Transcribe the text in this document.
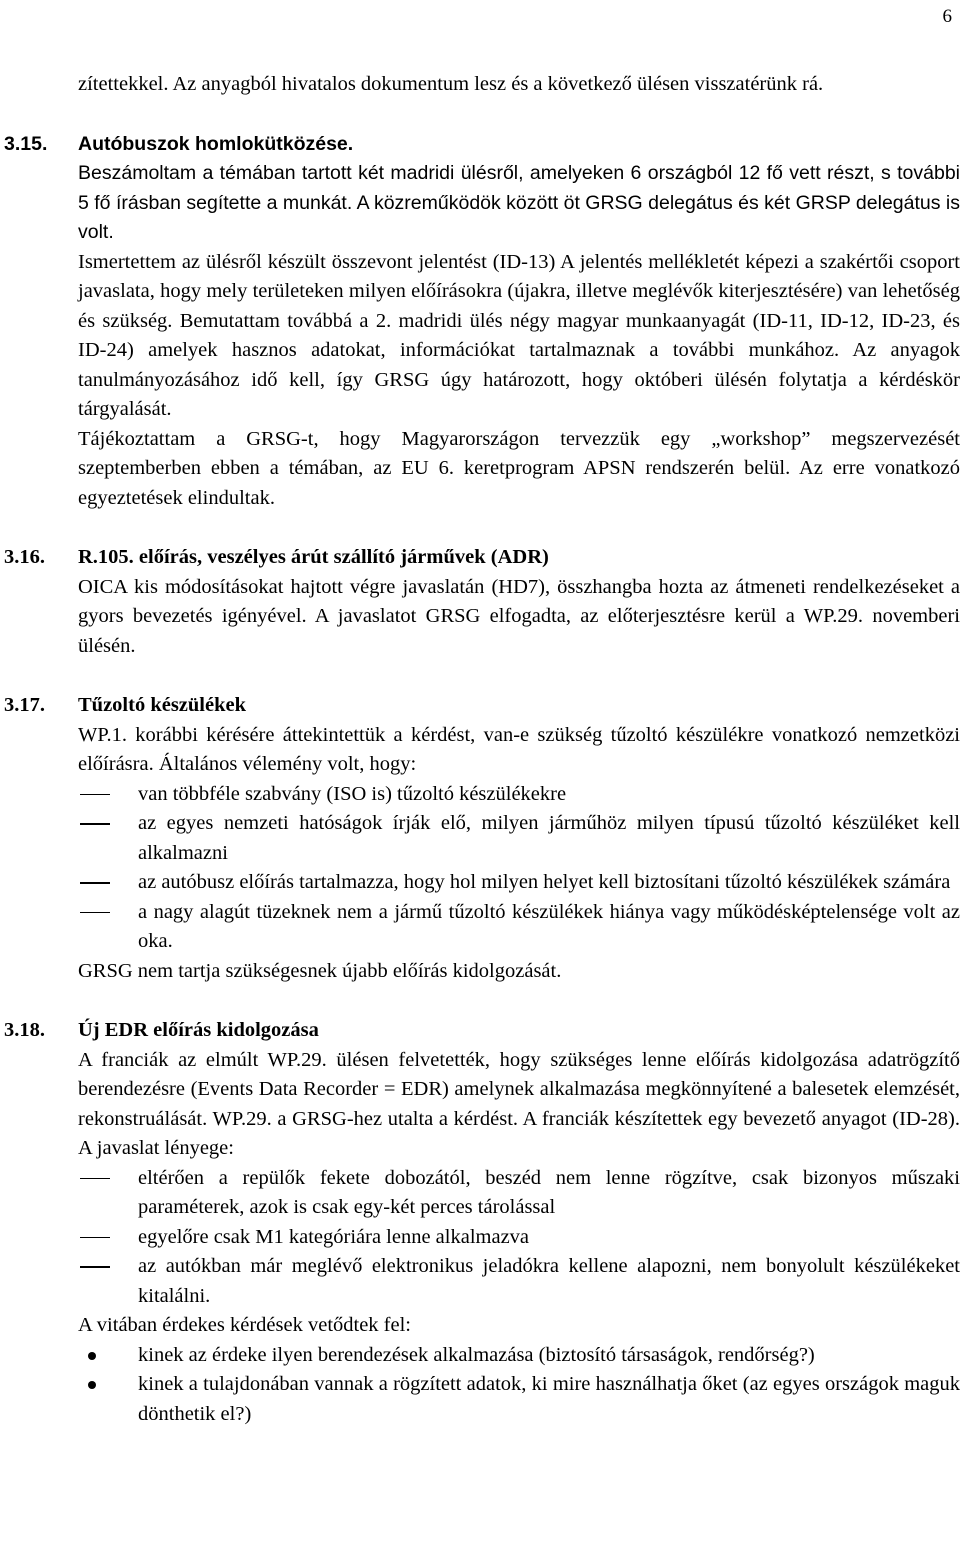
6

zítettekkel. Az anyagból hivatalos dokumentum lesz és a következő ülésen visszatérünk rá.

3.15. Autóbuszok homlokütközése.

Beszámoltam a témában tartott két madridi ülésről, amelyeken 6 országból 12 fő vett részt, s további 5 fő írásban segítette a munkát. A közreműködök között öt GRSG delegátus és két GRSP delegátus is volt.

Ismertettem az ülésről készült összevont jelentést (ID-13) A jelentés mellékletét képezi a szakértői csoport javaslata, hogy mely területeken milyen előírásokra (újakra, illetve meglévők kiterjesztésére) van lehetőség és szükség. Bemutattam továbbá a 2. madridi ülés négy magyar munkaanyagát (ID-11, ID-12, ID-23, és ID-24) amelyek hasznos adatokat, információkat tartalmaznak a további munkához. Az anyagok tanulmányozásához idő kell, így GRSG úgy határozott, hogy októberi ülésén folytatja a kérdéskör tárgyalását.

Tájékoztattam a GRSG-t, hogy Magyarországon tervezzük egy „workshop” megszervezését szeptemberben ebben a témában, az EU 6. keretprogram APSN rendszerén belül. Az erre vonatkozó egyeztetések elindultak.

3.16. R.105. előírás, veszélyes árút szállító járművek (ADR)

OICA kis módosításokat hajtott végre javaslatán (HD7), összhangba hozta az átmeneti rendelkezéseket a gyors bevezetés igényével. A javaslatot GRSG elfogadta, az előterjesztésre kerül a WP.29. novemberi ülésén.

3.17. Tűzoltó készülékek

WP.1. korábbi kérésére áttekintettük a kérdést, van-e szükség tűzoltó készülékre vonatkozó nemzetközi előírásra. Általános vélemény volt, hogy:

van többféle szabvány (ISO is) tűzoltó készülékekre
az egyes nemzeti hatóságok írják elő, milyen járműhöz milyen típusú tűzoltó készüléket kell alkalmazni
az autóbusz előírás tartalmazza, hogy hol milyen helyet kell biztosítani tűzoltó készülékek számára
a nagy alagút tüzeknek nem a jármű tűzoltó készülékek hiánya vagy működésképtelensége volt az oka.

GRSG nem tartja szükségesnek újabb előírás kidolgozását.

3.18. Új EDR előírás kidolgozása

A franciák az elmúlt WP.29. ülésen felvetették, hogy szükséges lenne előírás kidolgozása adatrögzítő berendezésre (Events Data Recorder = EDR) amelynek alkalmazása megkönnyítené a balesetek elemzését, rekonstruálását. WP.29. a GRSG-hez utalta a kérdést. A franciák készítettek egy bevezető anyagot (ID-28). A javaslat lényege:

eltérően a repülők fekete dobozától, beszéd nem lenne rögzítve, csak bizonyos műszaki paraméterek, azok is csak egy-két perces tárolással
egyelőre csak M1 kategóriára lenne alkalmazva
az autókban már meglévő elektronikus jeladókra kellene alapozni, nem bonyolult készülékeket kitalálni.

A vitában érdekes kérdések vetődtek fel:

kinek az érdeke ilyen berendezések alkalmazása (biztosító társaságok, rendőrség?)
kinek a tulajdonában vannak a rögzített adatok, ki mire használhatja őket (az egyes országok maguk dönthetik el?)
